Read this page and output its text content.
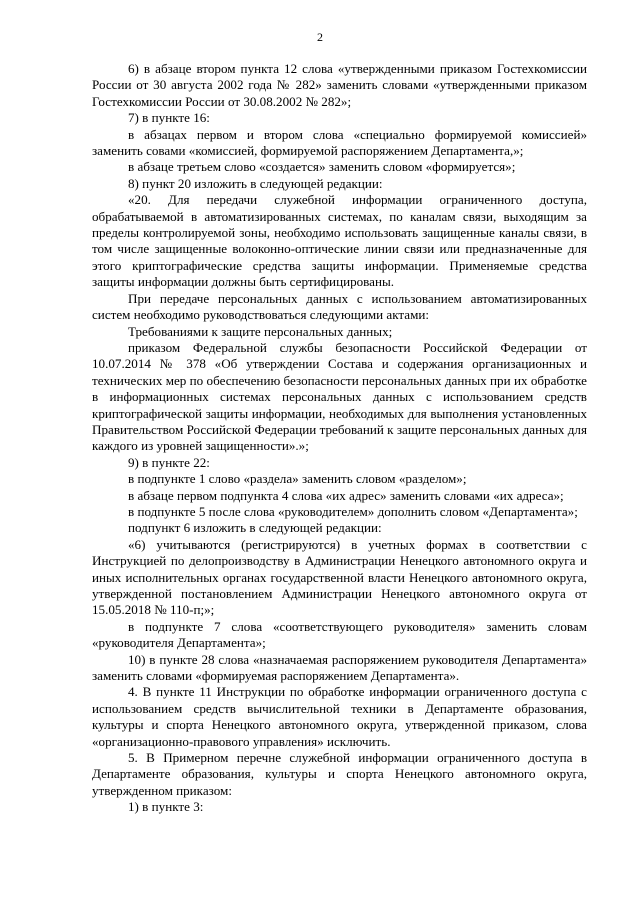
2

6) в абзаце втором пункта 12 слова «утвержденными приказом Гостехкомиссии России от 30 августа 2002 года № 282» заменить словами «утвержденными приказом Гостехкомиссии России от 30.08.2002 № 282»;

7) в пункте 16:

в абзацах первом и втором слова «специально формируемой комиссией» заменить совами «комиссией, формируемой распоряжением Департамента,»;

в абзаце третьем слово «создается» заменить словом «формируется»;

8) пункт 20 изложить в следующей редакции:

«20. Для передачи служебной информации ограниченного доступа, обрабатываемой в автоматизированных системах, по каналам связи, выходящим за пределы контролируемой зоны, необходимо использовать защищенные каналы связи, в том числе защищенные волоконно-оптические линии связи или предназначенные для этого криптографические средства защиты информации. Применяемые средства защиты информации должны быть сертифицированы.

При передаче персональных данных с использованием автоматизированных систем необходимо руководствоваться следующими актами:

Требованиями к защите персональных данных;

приказом Федеральной службы безопасности Российской Федерации от 10.07.2014 № 378 «Об утверждении Состава и содержания организационных и технических мер по обеспечению безопасности персональных данных при их обработке в информационных системах персональных данных с использованием средств криптографической защиты информации, необходимых для выполнения установленных Правительством Российской Федерации требований к защите персональных данных для каждого из уровней защищенности».»;

9) в пункте 22:

в подпункте 1 слово «раздела» заменить словом «разделом»;

в абзаце первом подпункта 4 слова «их адрес» заменить словами «их адреса»;

в подпункте 5 после слова «руководителем» дополнить словом «Департамента»;

подпункт 6 изложить в следующей редакции:

«6) учитываются (регистрируются) в учетных формах в соответствии с Инструкцией по делопроизводству в Администрации Ненецкого автономного округа и иных исполнительных органах государственной власти Ненецкого автономного округа, утвержденной постановлением Администрации Ненецкого автономного округа от 15.05.2018 № 110-п;»;

в подпункте 7 слова «соответствующего руководителя» заменить словам «руководителя Департамента»;

10) в пункте 28 слова «назначаемая распоряжением руководителя Департамента» заменить словами «формируемая распоряжением Департамента».

4. В пункте 11 Инструкции по обработке информации ограниченного доступа с использованием средств вычислительной техники в Департаменте образования, культуры и спорта Ненецкого автономного округа, утвержденной приказом, слова «организационно-правового управления» исключить.

5. В Примерном перечне служебной информации ограниченного доступа в Департаменте образования, культуры и спорта Ненецкого автономного округа, утвержденном приказом:

1) в пункте 3:
